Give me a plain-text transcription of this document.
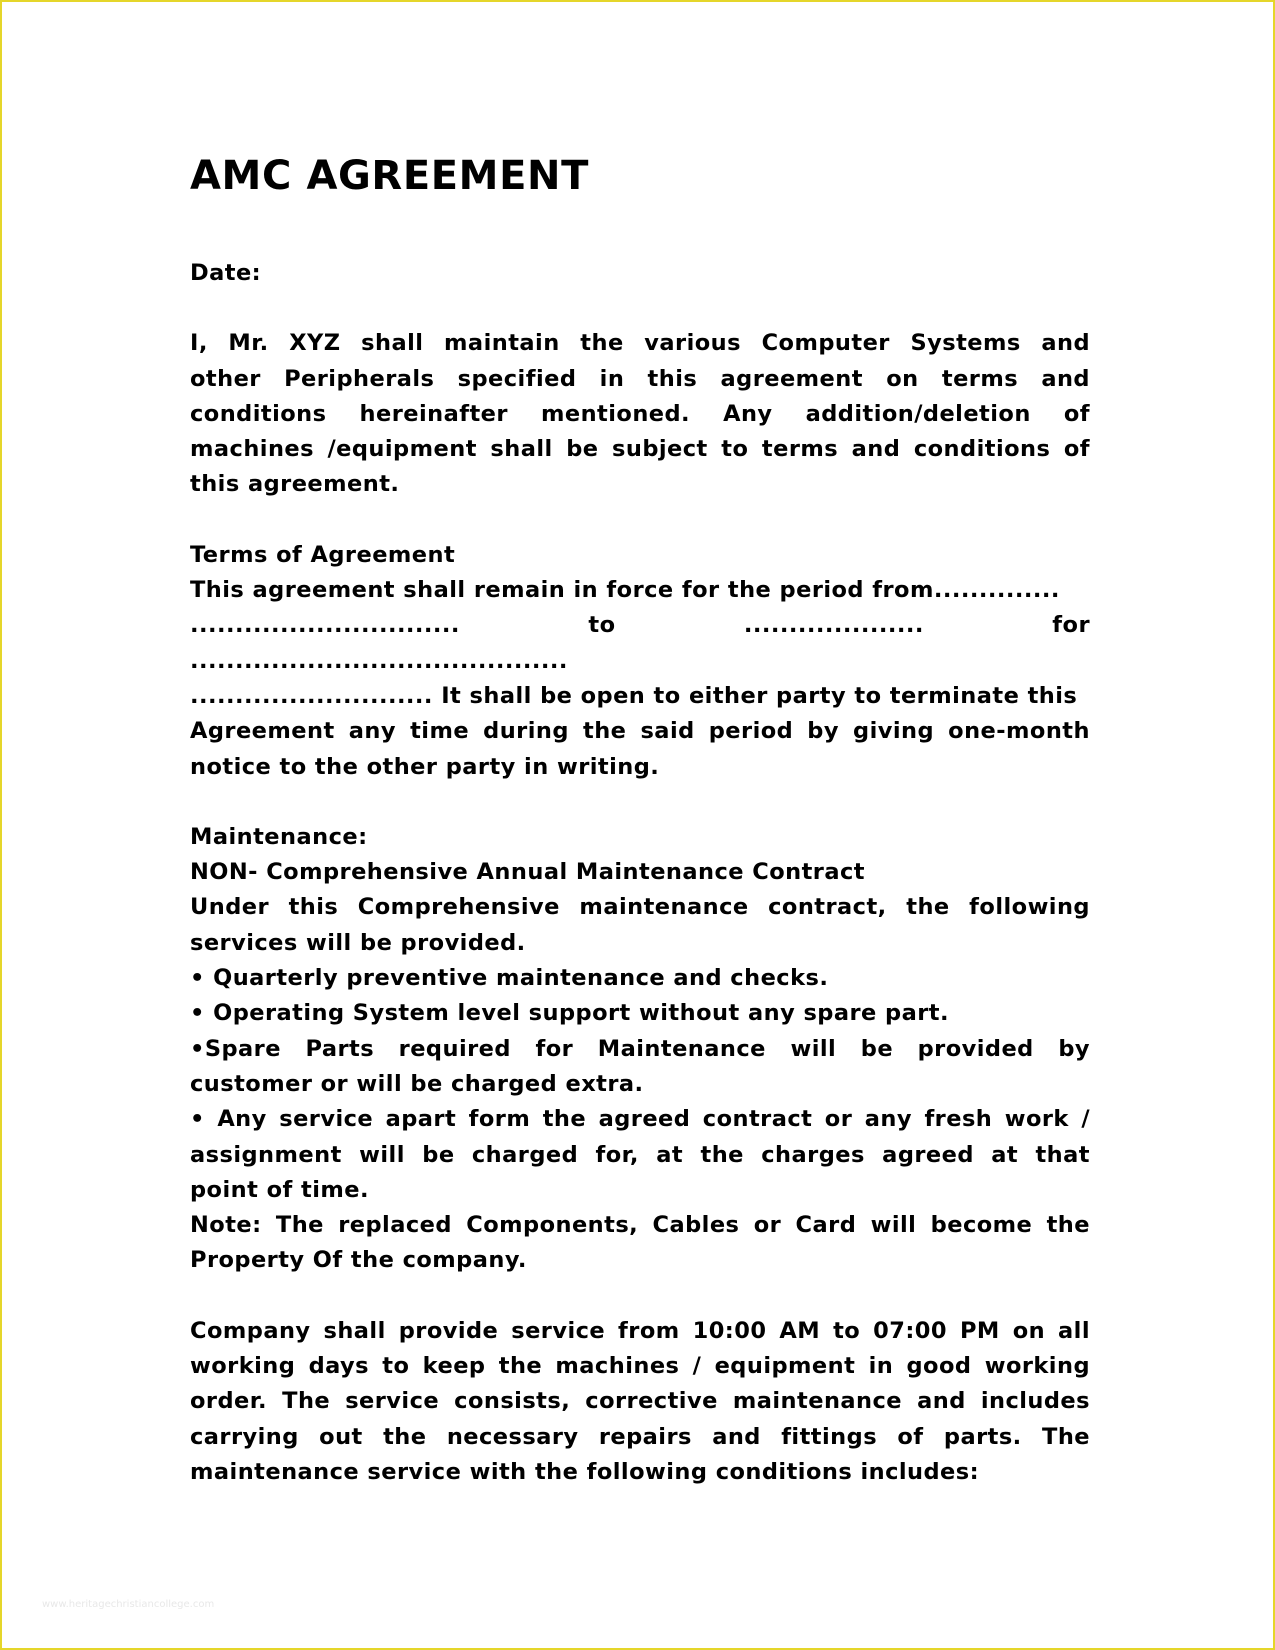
AMC AGREEMENT
Date:
I, Mr. XYZ shall maintain the various Computer Systems and
other Peripherals specified in this agreement on terms and
conditions hereinafter mentioned. Any addition/deletion of
machines /equipment shall be subject to terms and conditions of
this agreement.
Terms of Agreement
This agreement shall remain in force for the period from..............
.............................. to .................... for ..........................................
........................... It shall be open to either party to terminate this
Agreement any time during the said period by giving one-month
notice to the other party in writing.
Maintenance:
NON- Comprehensive Annual Maintenance Contract
Under this Comprehensive maintenance contract, the following
services will be provided.
• Quarterly preventive maintenance and checks.
• Operating System level support without any spare part.
•Spare Parts required for Maintenance will be provided by
customer or will be charged extra.
• Any service apart form the agreed contract or any fresh work /
assignment will be charged for, at the charges agreed at that
point of time.
Note: The replaced Components, Cables or Card will become the
Property Of the company.
Company shall provide service from 10:00 AM to 07:00 PM on all
working days to keep the machines / equipment in good working
order. The service consists, corrective maintenance and includes
carrying out the necessary repairs and fittings of parts. The
maintenance service with the following conditions includes:
www.heritagechristiancollege.com
